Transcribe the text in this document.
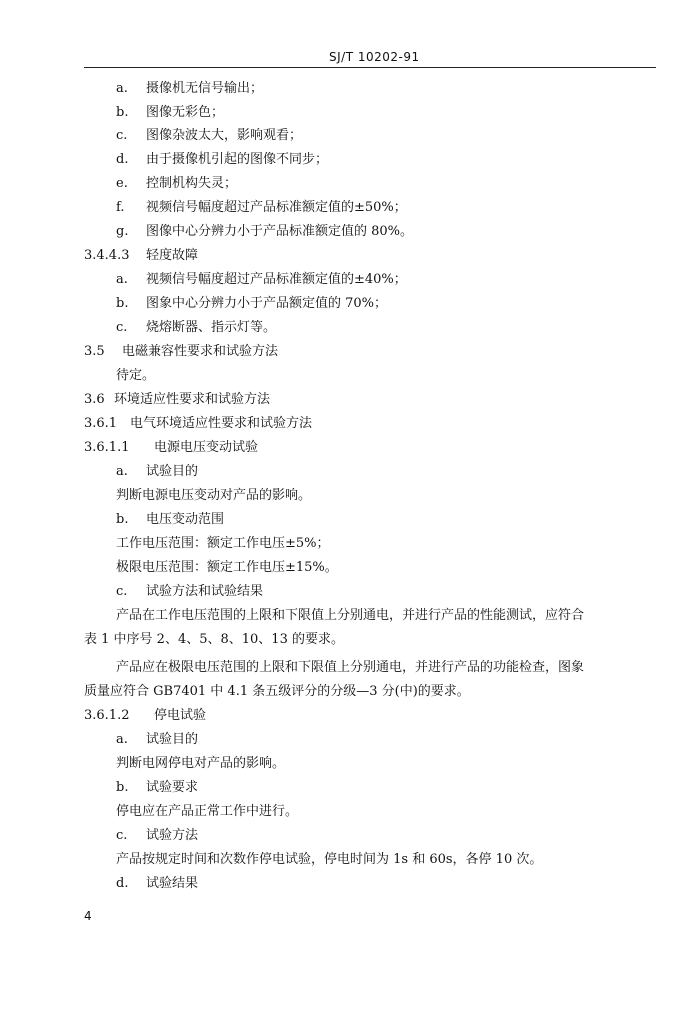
SJ/T 10202-91
a. 摄像机无信号输出；
b. 图像无彩色；
c. 图像杂波太大，影响观看；
d. 由于摄像机引起的图像不同步；
e. 控制机构失灵；
f. 视频信号幅度超过产品标准额定值的±50%；
g. 图像中心分辨力小于产品标准额定值的 80%。
3.4.4.3 轻度故障
a. 视频信号幅度超过产品标准额定值的±40%；
b. 图象中心分辨力小于产品额定值的 70%；
c. 烧熔断器、指示灯等。
3.5 电磁兼容性要求和试验方法
待定。
3.6 环境适应性要求和试验方法
3.6.1 电气环境适应性要求和试验方法
3.6.1.1 电源电压变动试验
a. 试验目的
判断电源电压变动对产品的影响。
b. 电压变动范围
工作电压范围：额定工作电压±5%；
极限电压范围：额定工作电压±15%。
c. 试验方法和试验结果
产品在工作电压范围的上限和下限值上分别通电，并进行产品的性能测试，应符合
表 1 中序号 2、4、5、8、10、13 的要求。
产品应在极限电压范围的上限和下限值上分别通电，并进行产品的功能检查，图象
质量应符合 GB7401 中 4.1 条五级评分的分级—3 分(中)的要求。
3.6.1.2 停电试验
a. 试验目的
判断电网停电对产品的影响。
b. 试验要求
停电应在产品正常工作中进行。
c. 试验方法
产品按规定时间和次数作停电试验，停电时间为 1s 和 60s，各停 10 次。
d. 试验结果
4
